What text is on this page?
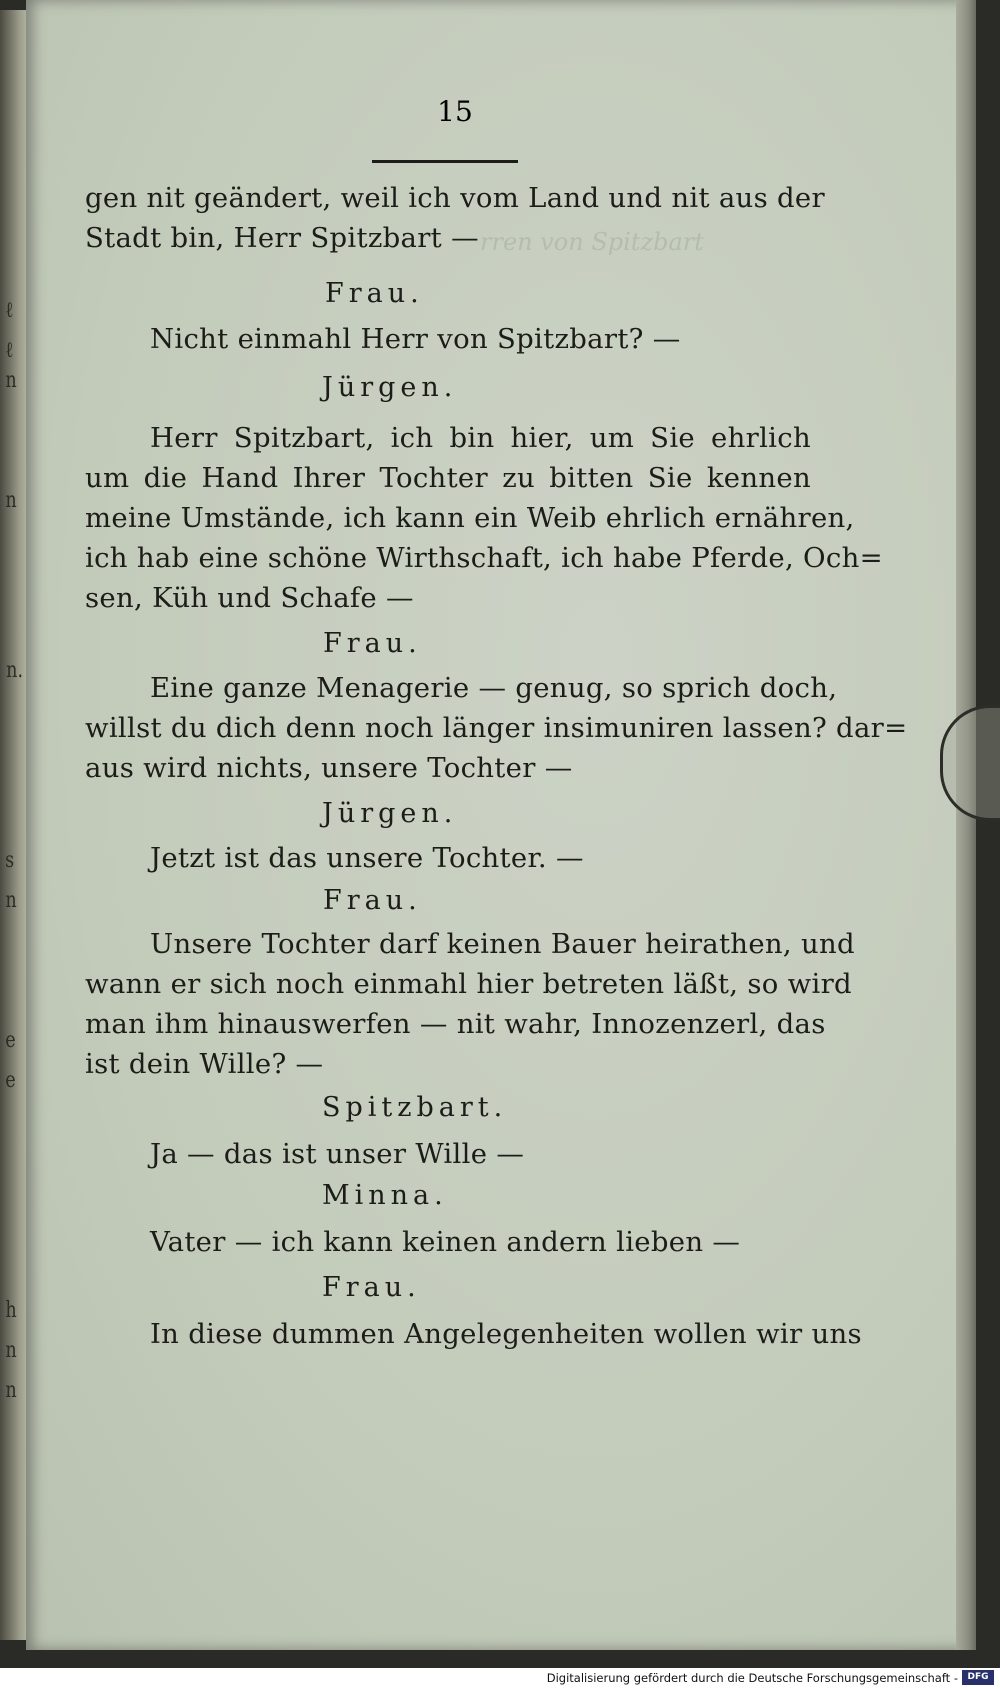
ℓ
ℓ
n
n
n.
s
n
e
e
h
n
n
rren von Spitzbart
15
gen nit geändert, weil ich vom Land und nit aus der
Stadt bin, Herr Spitzbart —
Frau.
Nicht einmahl Herr von Spitzbart? —
Jürgen.
Herr Spitzbart, ich bin hier, um Sie ehrlich
um die Hand Ihrer Tochter zu bitten Sie kennen
meine Umstände, ich kann ein Weib ehrlich ernähren,
ich hab eine schöne Wirthschaft, ich habe Pferde, Och=
sen, Küh und Schafe —
Frau.
Eine ganze Menagerie — genug, so sprich doch,
willst du dich denn noch länger insimuniren lassen? dar=
aus wird nichts, unsere Tochter —
Jürgen.
Jetzt ist das unsere Tochter. —
Frau.
Unsere Tochter darf keinen Bauer heirathen, und
wann er sich noch einmahl hier betreten läßt, so wird
man ihm hinauswerfen — nit wahr, Innozenzerl, das
ist dein Wille? —
Spitzbart.
Ja — das ist unser Wille —
Minna.
Vater — ich kann keinen andern lieben —
Frau.
In diese dummen Angelegenheiten wollen wir uns
Digitalisierung gefördert durch die Deutsche Forschungsgemeinschaft -	DFG
